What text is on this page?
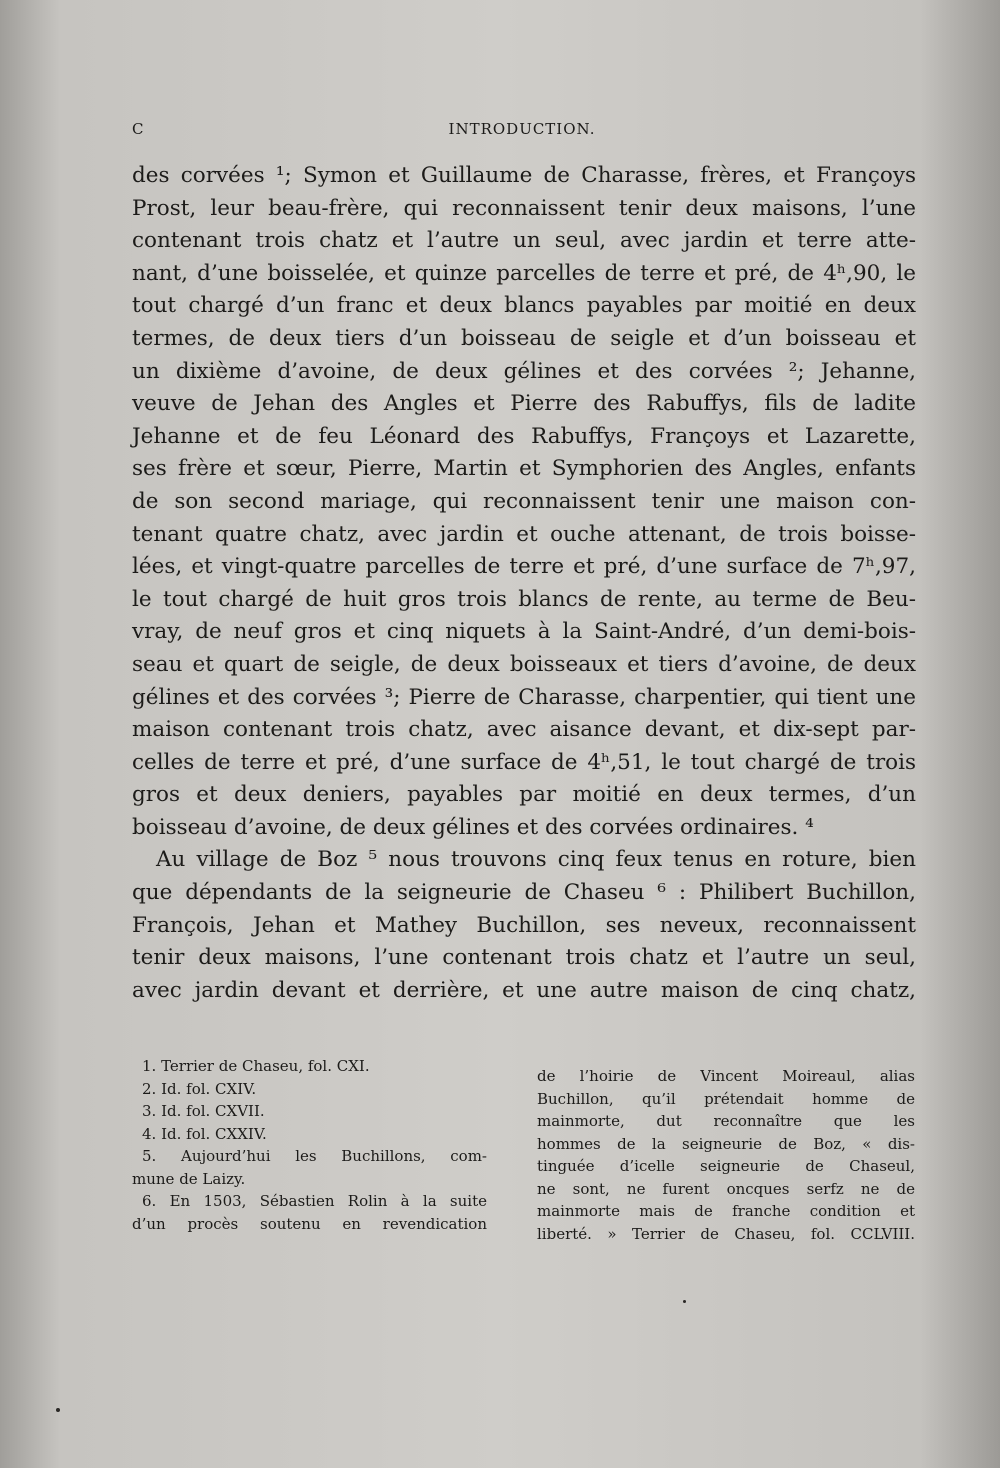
C	INTRODUCTION.
des corvées ¹; Symon et Guillaume de Charasse, frères, et Françoys
Prost, leur beau-frère, qui reconnaissent tenir deux maisons, l’une
contenant trois chatz et l’autre un seul, avec jardin et terre atte-
nant, d’une boisselée, et quinze parcelles de terre et pré, de 4ʰ,90, le
tout chargé d’un franc et deux blancs payables par moitié en deux
termes, de deux tiers d’un boisseau de seigle et d’un boisseau et
un dixième d’avoine, de deux gélines et des corvées ²; Jehanne,
veuve de Jehan des Angles et Pierre des Rabuffys, fils de ladite
Jehanne et de feu Léonard des Rabuffys, Françoys et Lazarette,
ses frère et sœur, Pierre, Martin et Symphorien des Angles, enfants
de son second mariage, qui reconnaissent tenir une maison con-
tenant quatre chatz, avec jardin et ouche attenant, de trois boisse-
lées, et vingt-quatre parcelles de terre et pré, d’une surface de 7ʰ,97,
le tout chargé de huit gros trois blancs de rente, au terme de Beu-
vray, de neuf gros et cinq niquets à la Saint-André, d’un demi-bois-
seau et quart de seigle, de deux boisseaux et tiers d’avoine, de deux
gélines et des corvées ³; Pierre de Charasse, charpentier, qui tient une
maison contenant trois chatz, avec aisance devant, et dix-sept par-
celles de terre et pré, d’une surface de 4ʰ,51, le tout chargé de trois
gros et deux deniers, payables par moitié en deux termes, d’un
boisseau d’avoine, de deux gélines et des corvées ordinaires. ⁴
Au village de Boz ⁵ nous trouvons cinq feux tenus en roture, bien
que dépendants de la seigneurie de Chaseu ⁶ : Philibert Buchillon,
François, Jehan et Mathey Buchillon, ses neveux, reconnaissent
tenir deux maisons, l’une contenant trois chatz et l’autre un seul,
avec jardin devant et derrière, et une autre maison de cinq chatz,
1. Terrier de Chaseu, fol. CXI.
2. Id. fol. CXIV.
3. Id. fol. CXVII.
4. Id. fol. CXXIV.
5. Aujourd’hui les Buchillons, com-
mune de Laizy.
6. En 1503, Sébastien Rolin à la suite
d’un procès soutenu en revendication
de l’hoirie de Vincent Moireaul, alias
Buchillon, qu’il prétendait homme de
mainmorte, dut reconnaître que les
hommes de la seigneurie de Boz, « dis-
tinguée d’icelle seigneurie de Chaseul,
ne sont, ne furent oncques serfz ne de
mainmorte mais de franche condition et
liberté. » Terrier de Chaseu, fol. CCLVIII.
